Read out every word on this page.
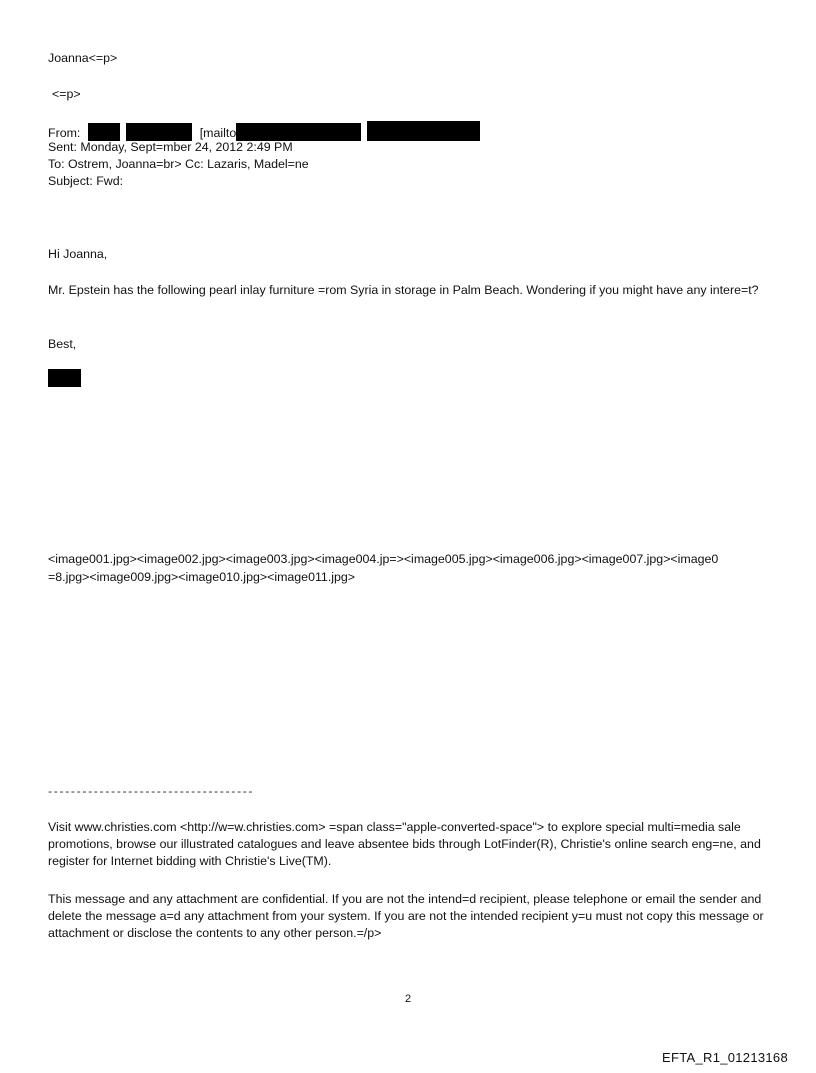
Joanna<=p>
<=p>
From:	[mailto
Sent: Monday, Sept=mber 24, 2012 2:49 PM
To: Ostrem, Joanna=br> Cc: Lazaris, Madel=ne
Subject: Fwd:
Hi Joanna,
Mr. Epstein has the following pearl inlay furniture =rom Syria in storage in Palm Beach. Wondering if you might have any intere=t?
Best,
<image001.jpg><image002.jpg><image003.jpg><image004.jp=><image005.jpg><image006.jpg><image007.jpg><image0
=8.jpg><image009.jpg><image010.jpg><image011.jpg>
------------------------------------
Visit www.christies.com <http://w=w.christies.com> =span class="apple-converted-space"> to explore special multi=media sale promotions, browse our illustrated catalogues and leave absentee bids through LotFinder(R), Christie's online search eng=ne, and register for Internet bidding with Christie's Live(TM).
This message and any attachment are confidential. If you are not the intend=d recipient, please telephone or email the sender and delete the message a=d any attachment from your system. If you are not the intended recipient y=u must not copy this message or attachment or disclose the contents to any other person.=/p>
2
EFTA_R1_01213168
